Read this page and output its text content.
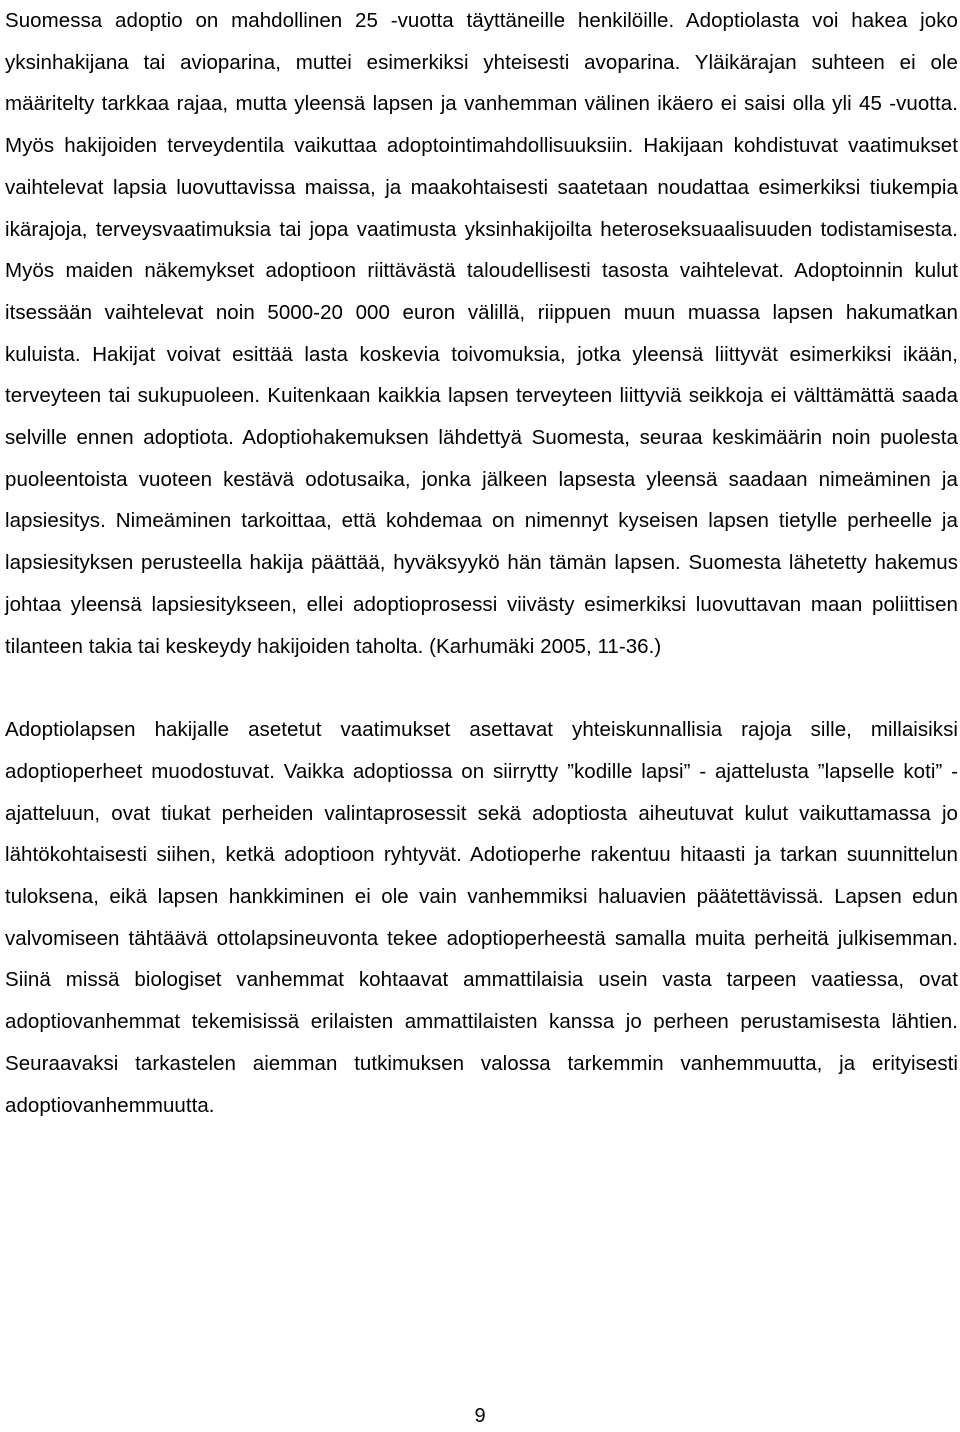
Suomessa adoptio on mahdollinen 25 -vuotta täyttäneille henkilöille. Adoptiolasta voi hakea joko yksinhakijana tai avioparina, muttei esimerkiksi yhteisesti avoparina. Yläikärajan suhteen ei ole määritelty tarkkaa rajaa, mutta yleensä lapsen ja vanhemman välinen ikäero ei saisi olla yli 45 -vuotta. Myös hakijoiden terveydentila vaikuttaa adoptointimahdollisuuksiin. Hakijaan kohdistuvat vaatimukset vaihtelevat lapsia luovuttavissa maissa, ja maakohtaisesti saatetaan noudattaa esimerkiksi tiukempia ikärajoja, terveysvaatimuksia tai jopa vaatimusta yksinhakijoilta heteroseksuaalisuuden todistamisesta. Myös maiden näkemykset adoptioon riittävästä taloudellisesti tasosta vaihtelevat. Adoptoinnin kulut itsessään vaihtelevat noin 5000-20 000 euron välillä, riippuen muun muassa lapsen hakumatkan kuluista. Hakijat voivat esittää lasta koskevia toivomuksia, jotka yleensä liittyvät esimerkiksi ikään, terveyteen tai sukupuoleen. Kuitenkaan kaikkia lapsen terveyteen liittyviä seikkoja ei välttämättä saada selville ennen adoptiota. Adoptiohakemuksen lähdettyä Suomesta, seuraa keskimäärin noin puolesta puoleentoista vuoteen kestävä odotusaika, jonka jälkeen lapsesta yleensä saadaan nimeäminen ja lapsiesitys. Nimeäminen tarkoittaa, että kohdemaa on nimennyt kyseisen lapsen tietylle perheelle ja lapsiesityksen perusteella hakija päättää, hyväksyykö hän tämän lapsen. Suomesta lähetetty hakemus johtaa yleensä lapsiesitykseen, ellei adoptioprosessi viivästy esimerkiksi luovuttavan maan poliittisen tilanteen takia tai keskeydy hakijoiden taholta. (Karhumäki 2005, 11-36.)

Adoptiolapsen hakijalle asetetut vaatimukset asettavat yhteiskunnallisia rajoja sille, millaisiksi adoptioperheet muodostuvat. Vaikka adoptiossa on siirrytty ”kodille lapsi” - ajattelusta ”lapselle koti” -ajatteluun, ovat tiukat perheiden valintaprosessit sekä adoptiosta aiheutuvat kulut vaikuttamassa jo lähtökohtaisesti siihen, ketkä adoptioon ryhtyvät. Adotioperhe rakentuu hitaasti ja tarkan suunnittelun tuloksena, eikä lapsen hankkiminen ei ole vain vanhemmiksi haluavien päätettävissä. Lapsen edun valvomiseen tähtäävä ottolapsineuvonta tekee adoptioperheestä samalla muita perheitä julkisemman. Siinä missä biologiset vanhemmat kohtaavat ammattilaisia usein vasta tarpeen vaatiessa, ovat adoptiovanhemmat tekemisissä erilaisten ammattilaisten kanssa jo perheen perustamisesta lähtien. Seuraavaksi tarkastelen aiemman tutkimuksen valossa tarkemmin vanhemmuutta, ja erityisesti adoptiovanhemmuutta.

9
